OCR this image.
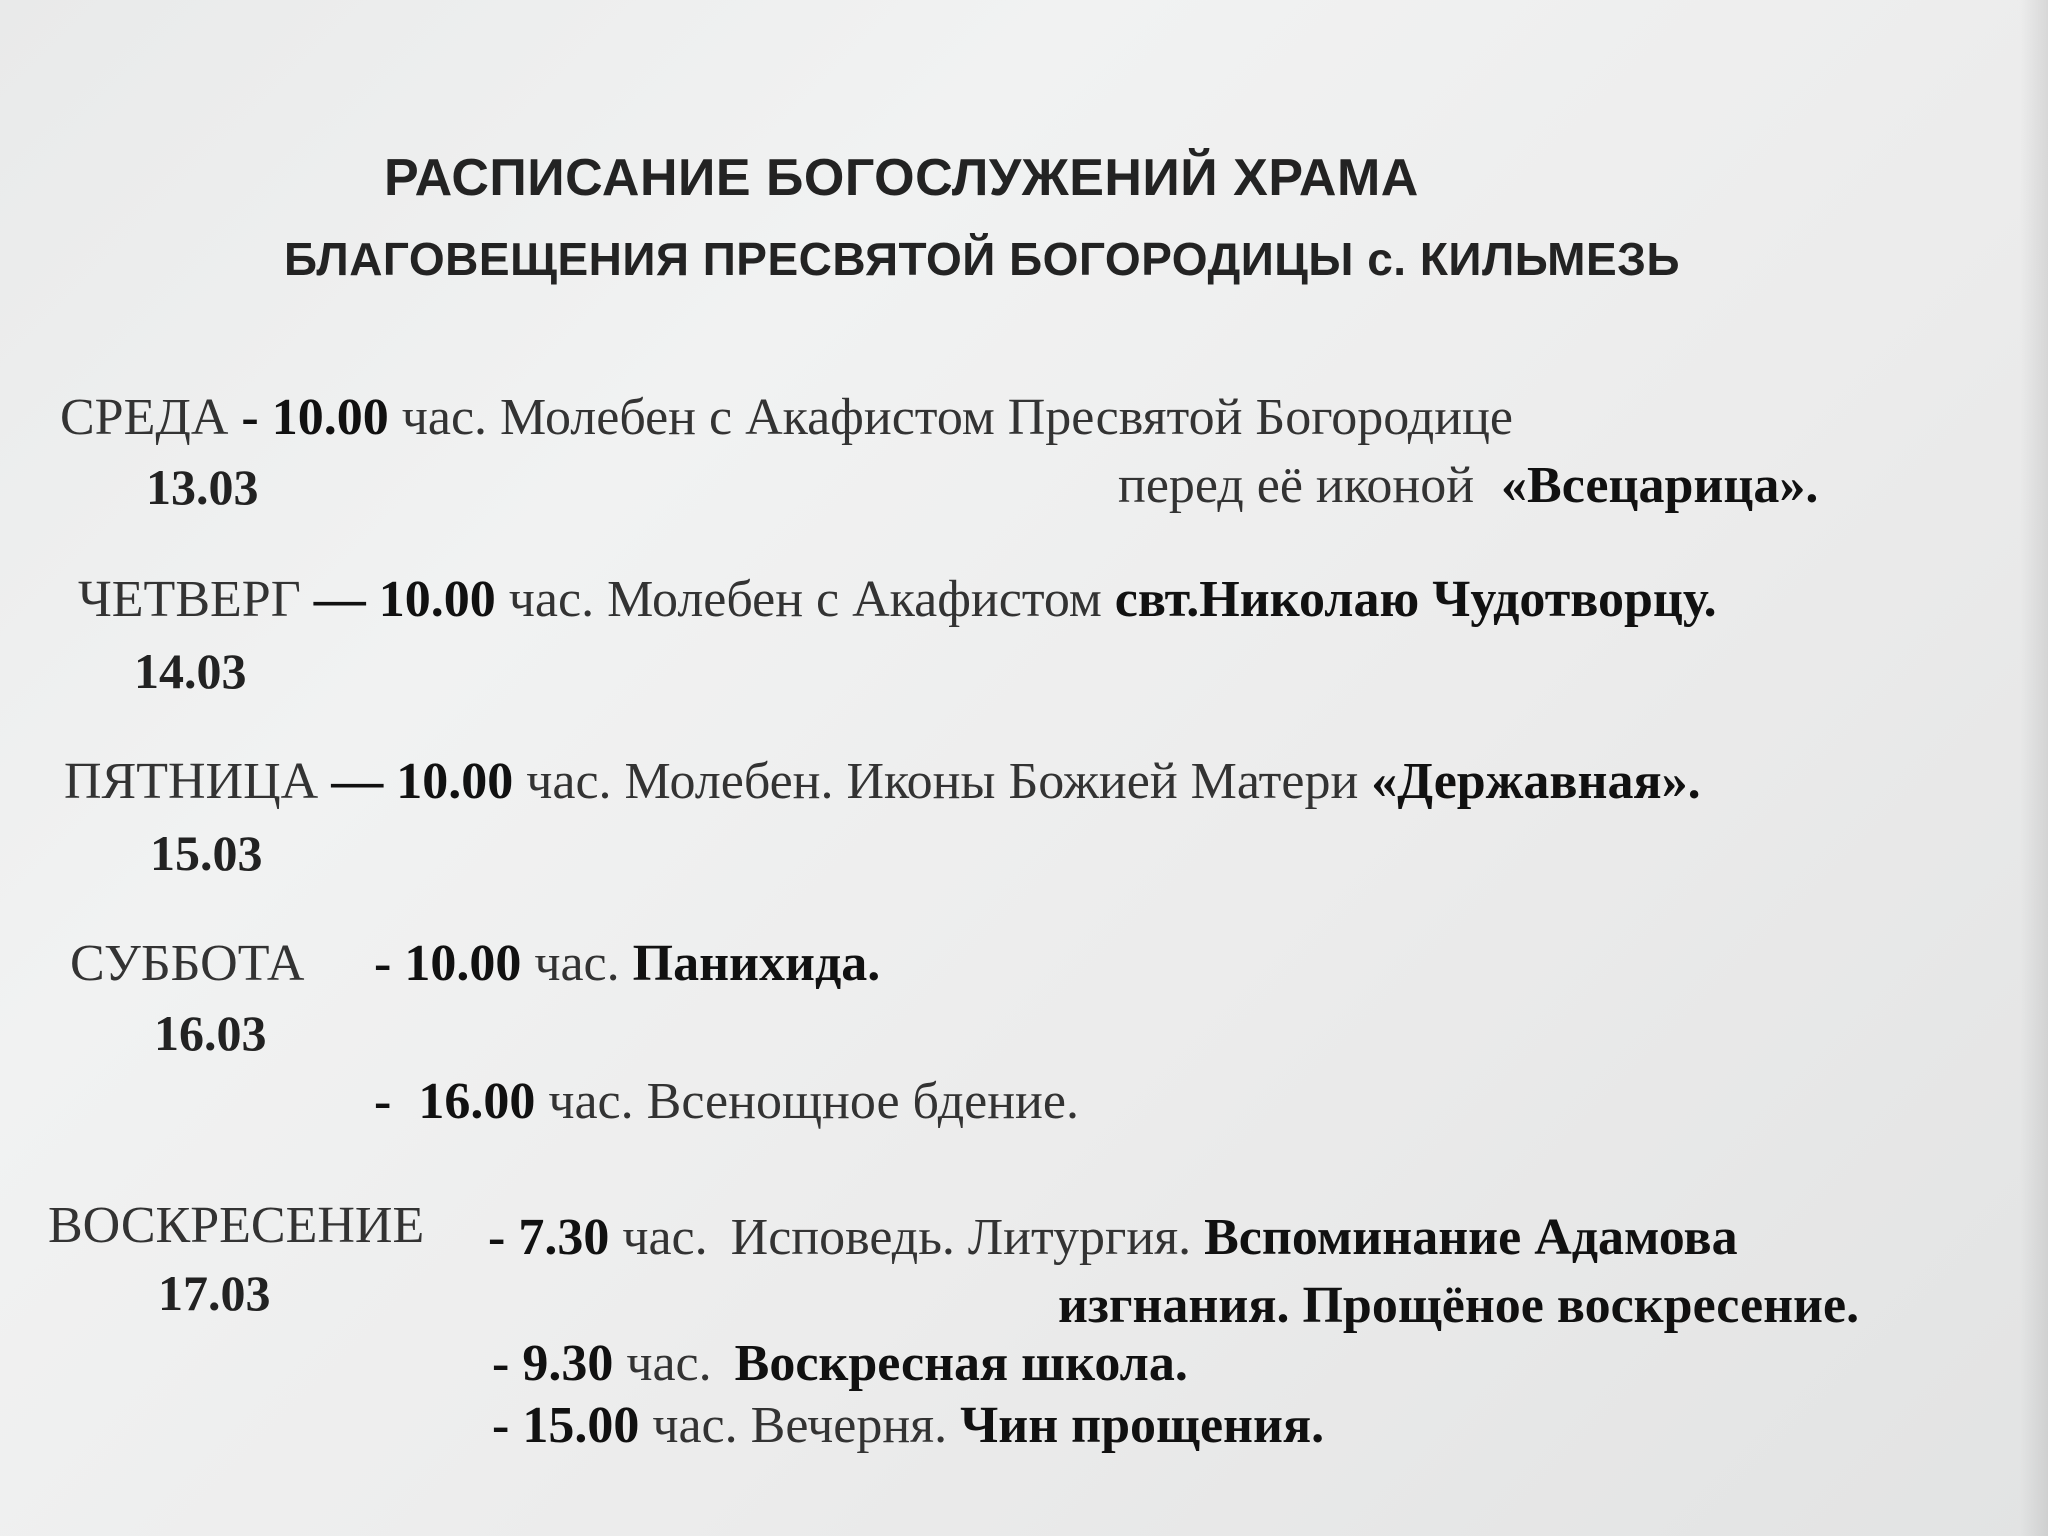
РАСПИСАНИЕ БОГОСЛУЖЕНИЙ ХРАМА
БЛАГОВЕЩЕНИЯ ПРЕСВЯТОЙ БОГОРОДИЦЫ с. КИЛЬМЕЗЬ
СРЕДА - 10.00 час. Молебен с Акафистом Пресвятой Богородице
13.03	перед её иконой «Всецарица».
ЧЕТВЕРГ — 10.00 час. Молебен с Акафистом свт.Николаю Чудотворцу.
14.03
ПЯТНИЦА — 10.00 час. Молебен. Иконы Божией Матери «Державная».
15.03
СУББОТА
16.03
- 10.00 час. Панихида.
- 16.00 час. Всенощное бдение.
ВОСКРЕСЕНИЕ
17.03
- 7.30 час. Исповедь. Литургия. Вспоминание Адамова
изгнания. Прощёное воскресение.
- 9.30 час. Воскресная школа.
- 15.00 час. Вечерня. Чин прощения.
